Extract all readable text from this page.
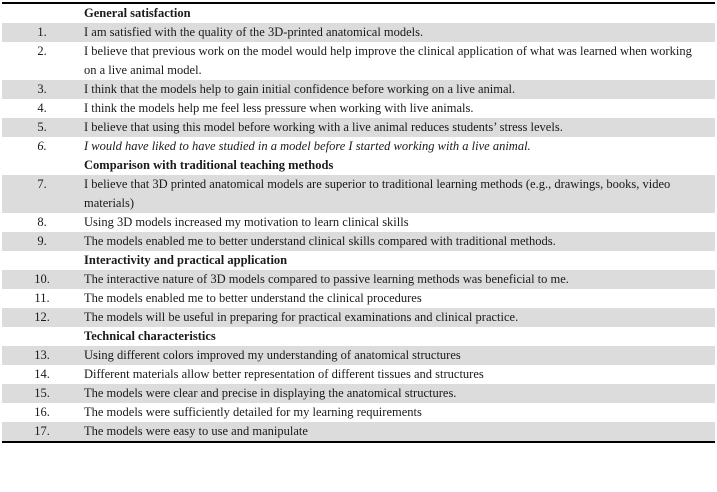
	General satisfaction
1.	I am satisfied with the quality of the 3D-printed anatomical models.
2.	I believe that previous work on the model would help improve the clinical application of what was learned when working on a live animal model.
3.	I think that the models help to gain initial confidence before working on a live animal.
4.	I think the models help me feel less pressure when working with live animals.
5.	I believe that using this model before working with a live animal reduces students’ stress levels.
6.	I would have liked to have studied in a model before I started working with a live animal.
	Comparison with traditional teaching methods
7.	I believe that 3D printed anatomical models are superior to traditional learning methods (e.g., drawings, books, video materials)
8.	Using 3D models increased my motivation to learn clinical skills
9.	The models enabled me to better understand clinical skills compared with traditional methods.
	Interactivity and practical application
10.	The interactive nature of 3D models compared to passive learning methods was beneficial to me.
11.	The models enabled me to better understand the clinical procedures
12.	The models will be useful in preparing for practical examinations and clinical practice.
	Technical characteristics
13.	Using different colors improved my understanding of anatomical structures
14.	Different materials allow better representation of different tissues and structures
15.	The models were clear and precise in displaying the anatomical structures.
16.	The models were sufficiently detailed for my learning requirements
17.	The models were easy to use and manipulate
